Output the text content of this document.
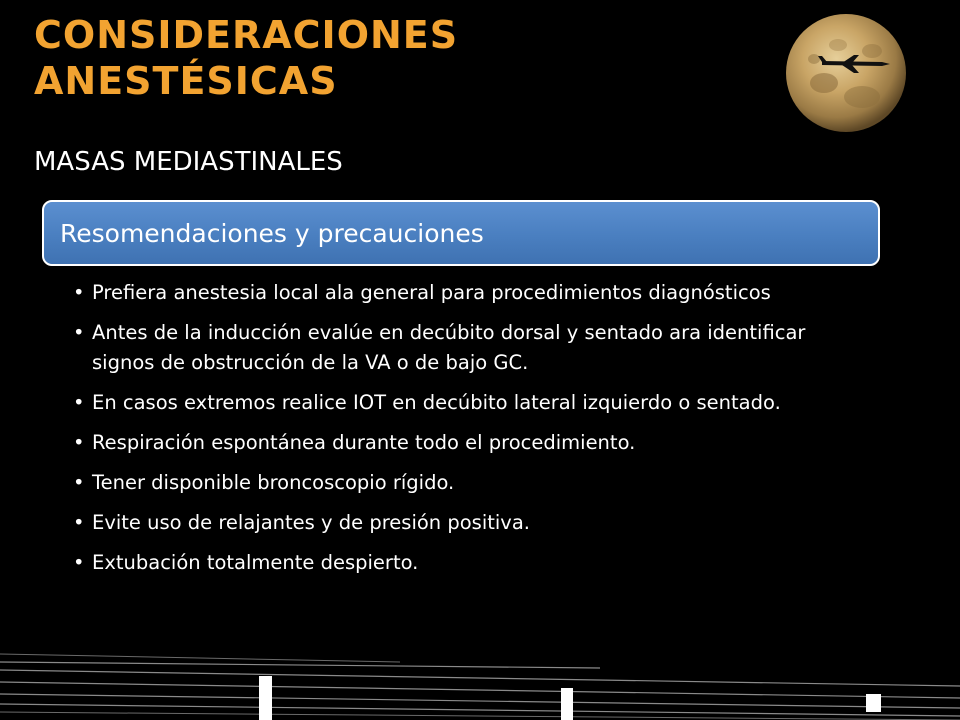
CONSIDERACIONES
ANESTÉSICAS
MASAS MEDIASTINALES
Resomendaciones y precauciones
• Prefiera anestesia local ala general para procedimientos diagnósticos
• Antes de la inducción evalúe en decúbito dorsal y sentado ara identificar signos de obstrucción de la VA o de bajo GC.
• En casos extremos realice IOT en decúbito lateral izquierdo o sentado.
• Respiración espontánea durante todo el procedimiento.
• Tener disponible broncoscopio rígido.
• Evite uso de relajantes y de presión positiva.
• Extubación totalmente despierto.
